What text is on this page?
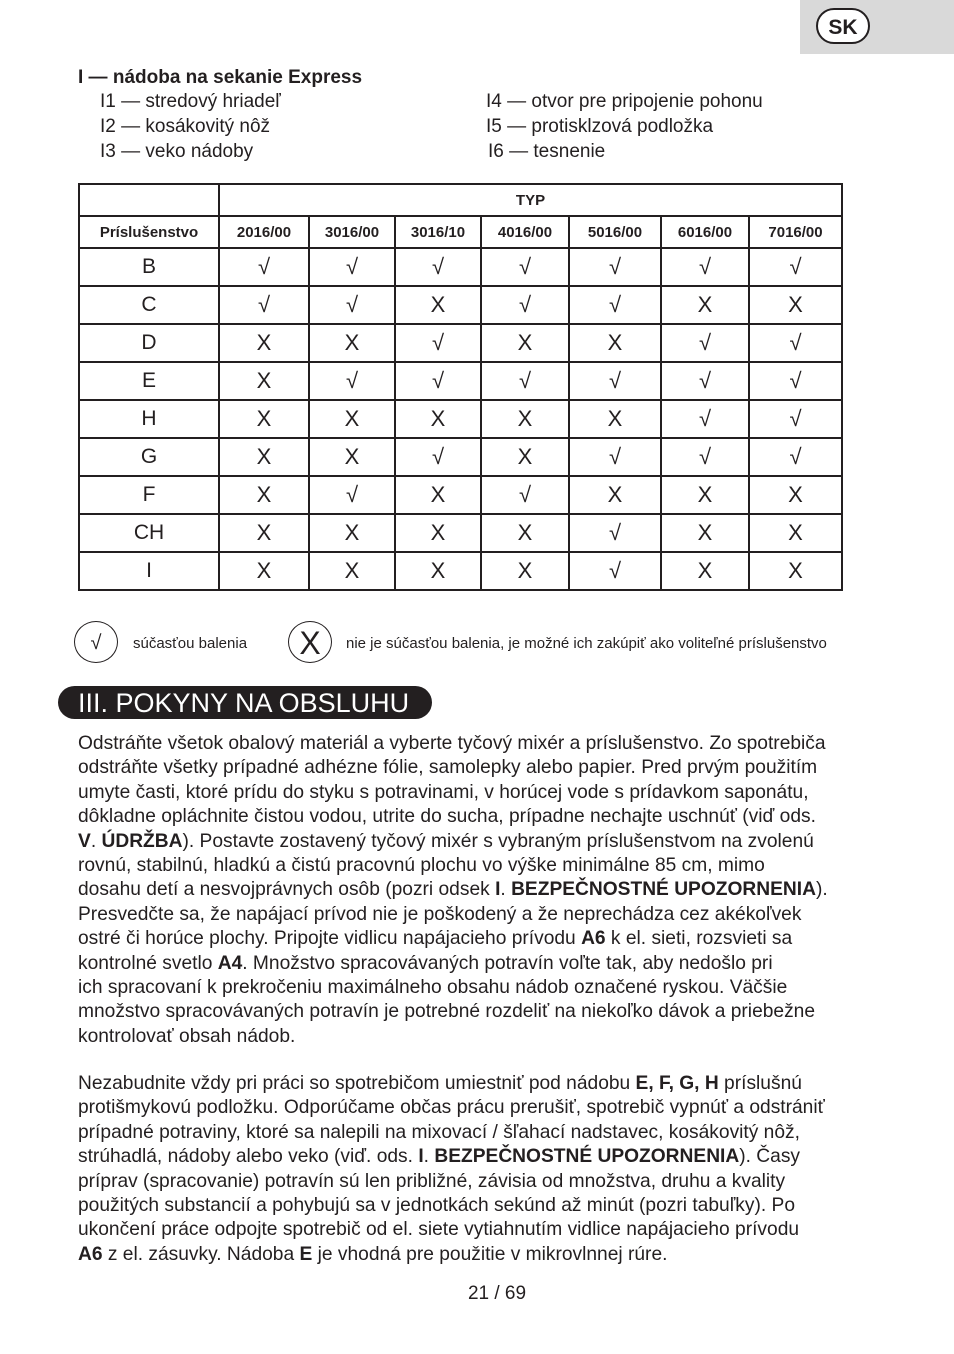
SK
I — nádoba na sekanie Express
I1 — stredový hriadeľ
I2 — kosákovitý nôž
I3 — veko nádoby
I4 — otvor pre pripojenie pohonu
I5 — protisklzová podložka
I6 — tesnenie
	TYP						
Príslušenstvo	2016/00	3016/00	3016/10	4016/00	5016/00	6016/00	7016/00
B	√	√	√	√	√	√	√
C	√	√	X	√	√	X	X
D	X	X	√	X	X	√	√
E	X	√	√	√	√	√	√
H	X	X	X	X	X	√	√
G	X	X	√	X	√	√	√
F	X	√	X	√	X	X	X
CH	X	X	X	X	√	X	X
I	X	X	X	X	√	X	X
√	súčasťou balenia	X	nie je súčasťou balenia, je možné ich zakúpiť ako voliteľné príslušenstvo
III. POKYNY NA OBSLUHU
Odstráňte všetok obalový materiál a vyberte tyčový mixér a príslušenstvo. Zo spotrebiča
odstráňte všetky prípadné adhézne fólie, samolepky alebo papier. Pred prvým použitím
umyte časti, ktoré prídu do styku s potravinami, v horúcej vode s prídavkom saponátu,
dôkladne opláchnite čistou vodou, utrite do sucha, prípadne nechajte uschnúť (viď ods.
V. ÚDRŽBA). Postavte zostavený tyčový mixér s vybraným príslušenstvom na zvolenú
rovnú, stabilnú, hladkú a čistú pracovnú plochu vo výške minimálne 85 cm, mimo
dosahu detí a nesvojprávnych osôb (pozri odsek I. BEZPEČNOSTNÉ UPOZORNENIA).
Presvedčte sa, že napájací prívod nie je poškodený a že neprechádza cez akékoľvek
ostré či horúce plochy. Pripojte vidlicu napájacieho prívodu A6 k el. sieti, rozsvieti sa
kontrolné svetlo A4. Množstvo spracovávaných potravín voľte tak, aby nedošlo pri
ich spracovaní k prekročeniu maximálneho obsahu nádob označené ryskou. Väčšie
množstvo spracovávaných potravín je potrebné rozdeliť na niekoľko dávok a priebežne
kontrolovať obsah nádob.
Nezabudnite vždy pri práci so spotrebičom umiestniť pod nádobu E, F, G, H príslušnú
protišmykovú podložku. Odporúčame občas prácu prerušiť, spotrebič vypnúť a odstrániť
prípadné potraviny, ktoré sa nalepili na mixovací / šľahací nadstavec, kosákovitý nôž,
strúhadlá, nádoby alebo veko (viď. ods. I. BEZPEČNOSTNÉ UPOZORNENIA). Časy
príprav (spracovanie) potravín sú len približné, závisia od množstva, druhu a kvality
použitých substancií a pohybujú sa v jednotkách sekúnd až minút (pozri tabuľky). Po
ukončení práce odpojte spotrebič od el. siete vytiahnutím vidlice napájacieho prívodu
A6 z el. zásuvky. Nádoba E je vhodná pre použitie v mikrovlnnej rúre.
21 / 69
